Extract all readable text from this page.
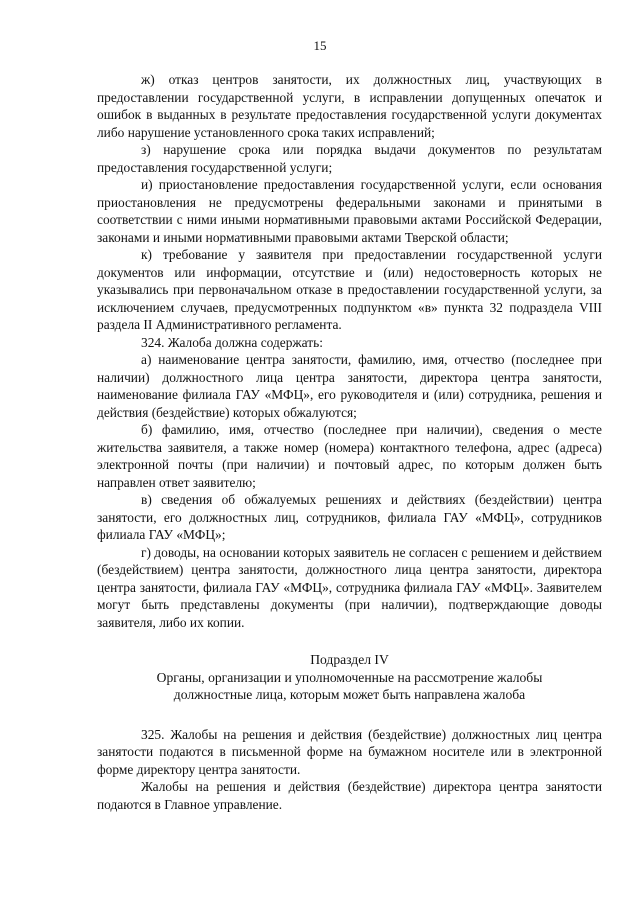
15

ж) отказ центров занятости, их должностных лиц, участвующих в предоставлении государственной услуги, в исправлении допущенных опечаток и ошибок в выданных в результате предоставления государственной услуги документах либо нарушение установленного срока таких исправлений;

з) нарушение срока или порядка выдачи документов по результатам предоставления государственной услуги;

и) приостановление предоставления государственной услуги, если основания приостановления не предусмотрены федеральными законами и принятыми в соответствии с ними иными нормативными правовыми актами Российской Федерации, законами и иными нормативными правовыми актами Тверской области;

к) требование у заявителя при предоставлении государственной услуги документов или информации, отсутствие и (или) недостоверность которых не указывались при первоначальном отказе в предоставлении государственной услуги, за исключением случаев, предусмотренных подпунктом «в» пункта 32 подраздела VIII раздела II Административного регламента.

324. Жалоба должна содержать:

а) наименование центра занятости, фамилию, имя, отчество (последнее при наличии) должностного лица центра занятости, директора центра занятости, наименование филиала ГАУ «МФЦ», его руководителя и (или) сотрудника, решения и действия (бездействие) которых обжалуются;

б) фамилию, имя, отчество (последнее при наличии), сведения о месте жительства заявителя, а также номер (номера) контактного телефона, адрес (адреса) электронной почты (при наличии) и почтовый адрес, по которым должен быть направлен ответ заявителю;

в) сведения об обжалуемых решениях и действиях (бездействии) центра занятости, его должностных лиц, сотрудников, филиала ГАУ «МФЦ», сотрудников филиала ГАУ «МФЦ»;

г) доводы, на основании которых заявитель не согласен с решением и действием (бездействием) центра занятости, должностного лица центра занятости, директора центра занятости, филиала ГАУ «МФЦ», сотрудника филиала ГАУ «МФЦ». Заявителем могут быть представлены документы (при наличии), подтверждающие доводы заявителя, либо их копии.

Подраздел IV

Органы, организации и уполномоченные на рассмотрение жалобы

должностные лица, которым может быть направлена жалоба

325. Жалобы на решения и действия (бездействие) должностных лиц центра занятости подаются в письменной форме на бумажном носителе или в электронной форме директору центра занятости.

Жалобы на решения и действия (бездействие) директора центра занятости подаются в Главное управление.
